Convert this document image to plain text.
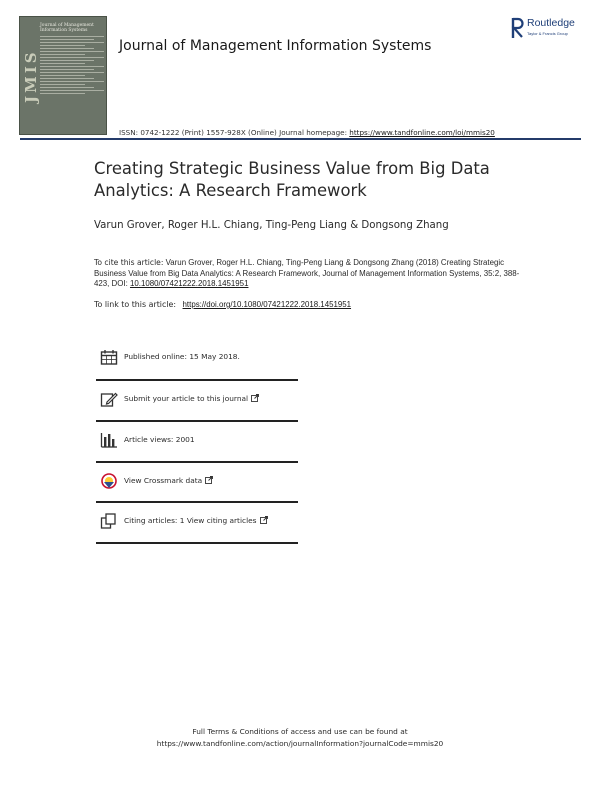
JMIS
Journal of Management Information Systems
Journal of Management Information Systems
Routledge
Taylor & Francis Group
ISSN: 0742-1222 (Print) 1557-928X (Online) Journal homepage: https://www.tandfonline.com/loi/mmis20
Creating Strategic Business Value from Big Data Analytics: A Research Framework
Varun Grover, Roger H.L. Chiang, Ting-Peng Liang & Dongsong Zhang
To cite this article: Varun Grover, Roger H.L. Chiang, Ting-Peng Liang & Dongsong Zhang (2018) Creating Strategic Business Value from Big Data Analytics: A Research Framework, Journal of Management Information Systems, 35:2, 388-423, DOI: 10.1080/07421222.2018.1451951
To link to this article: https://doi.org/10.1080/07421222.2018.1451951
Published online: 15 May 2018.
Submit your article to this journal
Article views: 2001
View Crossmark data
Citing articles: 1 View citing articles
Full Terms & Conditions of access and use can be found at
https://www.tandfonline.com/action/journalInformation?journalCode=mmis20
